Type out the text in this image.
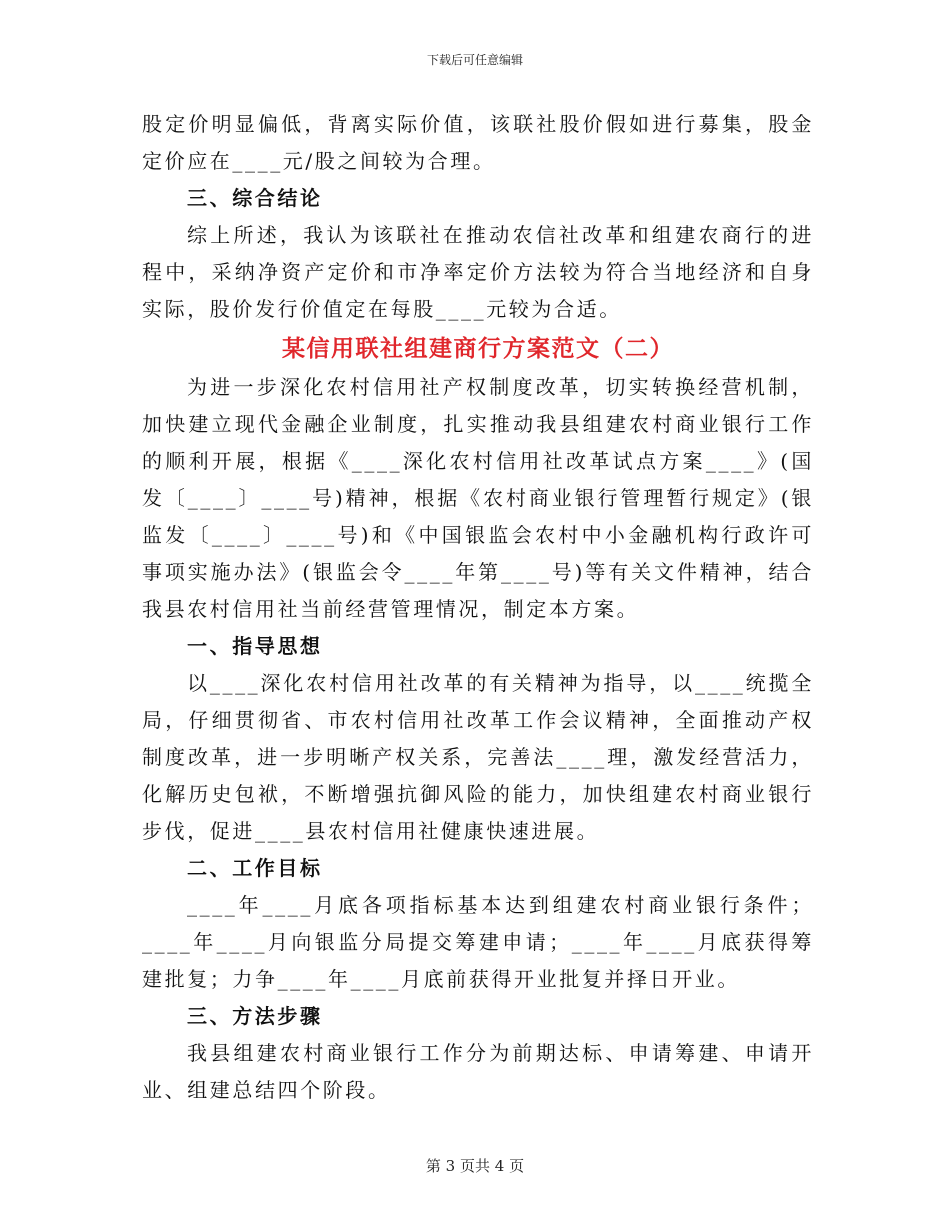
下载后可任意编辑

股定价明显偏低，背离实际价值，该联社股价假如进行募集，股金定价应在____元/股之间较为合理。

三、综合结论

综上所述，我认为该联社在推动农信社改革和组建农商行的进程中，采纳净资产定价和市净率定价方法较为符合当地经济和自身实际，股价发行价值定在每股____元较为合适。

某信用联社组建商行方案范文（二）

为进一步深化农村信用社产权制度改革，切实转换经营机制，加快建立现代金融企业制度，扎实推动我县组建农村商业银行工作的顺利开展，根据《____深化农村信用社改革试点方案____》(国发〔____〕____号)精神，根据《农村商业银行管理暂行规定》(银监发〔____〕____号)和《中国银监会农村中小金融机构行政许可事项实施办法》(银监会令____年第____号)等有关文件精神，结合我县农村信用社当前经营管理情况，制定本方案。

一、指导思想

以____深化农村信用社改革的有关精神为指导，以____统揽全局，仔细贯彻省、市农村信用社改革工作会议精神，全面推动产权制度改革，进一步明晰产权关系，完善法____理，激发经营活力，化解历史包袱，不断增强抗御风险的能力，加快组建农村商业银行步伐，促进____县农村信用社健康快速进展。

二、工作目标

____年____月底各项指标基本达到组建农村商业银行条件；____年____月向银监分局提交筹建申请；____年____月底获得筹建批复；力争____年____月底前获得开业批复并择日开业。

三、方法步骤

我县组建农村商业银行工作分为前期达标、申请筹建、申请开业、组建总结四个阶段。

第 3 页共 4 页
